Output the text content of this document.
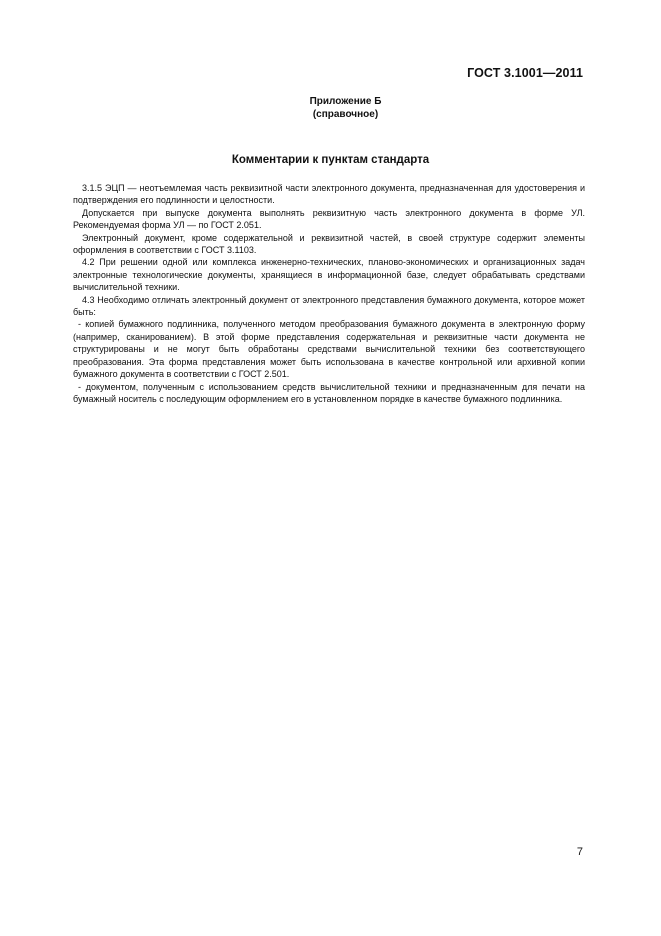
ГОСТ 3.1001—2011
Приложение Б
(справочное)
Комментарии к пунктам стандарта

3.1.5 ЭЦП — неотъемлемая часть реквизитной части электронного документа, предназначенная для удостоверения и подтверждения его подлинности и целостности.

Допускается при выпуске документа выполнять реквизитную часть электронного документа в форме УЛ. Рекомендуемая форма УЛ — по ГОСТ 2.051.

Электронный документ, кроме содержательной и реквизитной частей, в своей структуре содержит элементы оформления в соответствии с ГОСТ 3.1103.

4.2 При решении одной или комплекса инженерно-технических, планово-экономических и организационных задач электронные технологические документы, хранящиеся в информационной базе, следует обрабатывать средствами вычислительной техники.

4.3 Необходимо отличать электронный документ от электронного представления бумажного документа, которое может быть:

- копией бумажного подлинника, полученного методом преобразования бумажного документа в электронную форму (например, сканированием). В этой форме представления содержательная и реквизитные части документа не структурированы и не могут быть обработаны средствами вычислительной техники без соответствующего преобразования. Эта форма представления может быть использована в качестве контрольной или архивной копии бумажного документа в соответствии с ГОСТ 2.501.

- документом, полученным с использованием средств вычислительной техники и предназначенным для печати на бумажный носитель с последующим оформлением его в установленном порядке в качестве бумажного подлинника.

7
